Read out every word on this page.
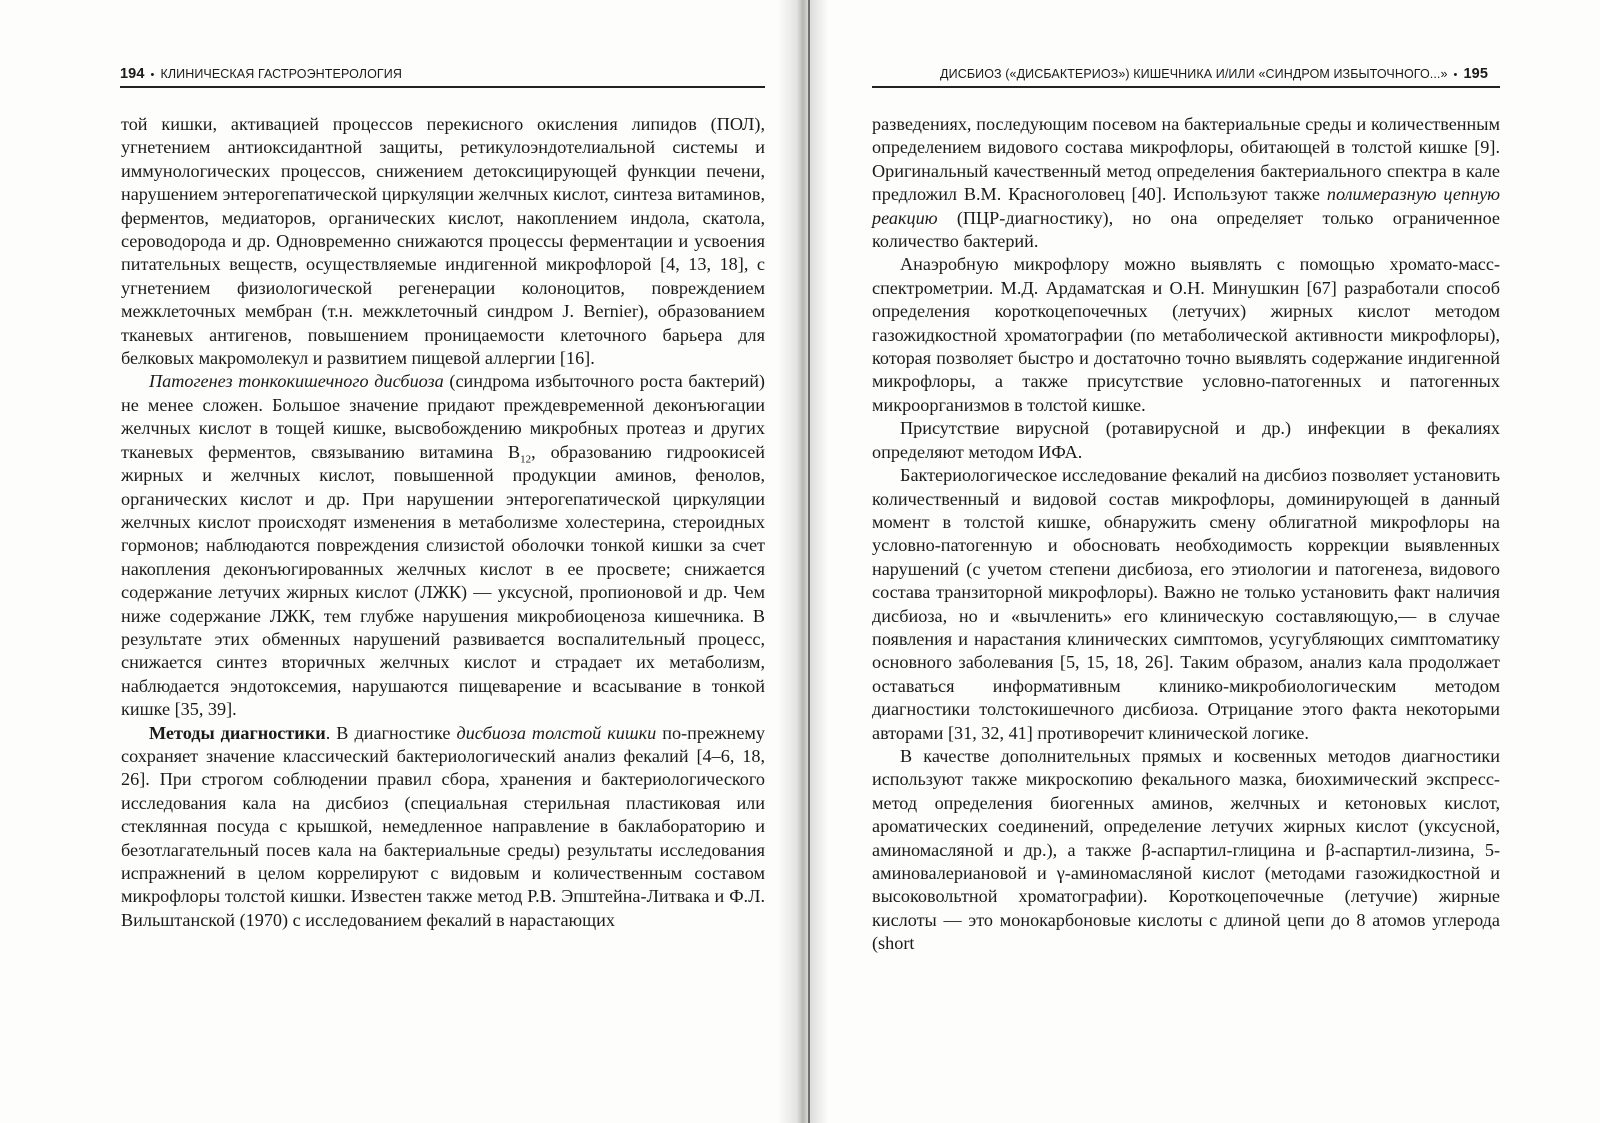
194 • КЛИНИЧЕСКАЯ ГАСТРОЭНТЕРОЛОГИЯ

той кишки, активацией процессов перекисного окисления липидов (ПОЛ), угнетением антиоксидантной защиты, ретикулоэндотелиальной системы и иммунологических процессов, снижением детоксицирующей функции печени, нарушением энтерогепатической циркуляции желчных кислот, синтеза витаминов, ферментов, медиаторов, органических кислот, накоплением индола, скатола, сероводорода и др. Одновременно снижаются процессы ферментации и усвоения питательных веществ, осуществляемые индигенной микрофлорой [4, 13, 18], с угнетением физиологической регенерации колоноцитов, повреждением межклеточных мембран (т.н. межклеточный синдром J. Bernier), образованием тканевых антигенов, повышением проницаемости клеточного барьера для белковых макромолекул и развитием пищевой аллергии [16].

Патогенез тонкокишечного дисбиоза (синдрома избыточного роста бактерий) не менее сложен. Большое значение придают преждевременной деконъюгации желчных кислот в тощей кишке, высвобождению микробных протеаз и других тканевых ферментов, связыванию витамина $B_{12}$, образованию гидроокисей жирных и желчных кислот, повышенной продукции аминов, фенолов, органических кислот и др. При нарушении энтерогепатической циркуляции желчных кислот происходят изменения в метаболизме холестерина, стероидных гормонов; наблюдаются повреждения слизистой оболочки тонкой кишки за счет накопления деконъюгированных желчных кислот в ее просвете; снижается содержание летучих жирных кислот (ЛЖК) — уксусной, пропионовой и др. Чем ниже содержание ЛЖК, тем глубже нарушения микробиоценоза кишечника. В результате этих обменных нарушений развивается воспалительный процесс, снижается синтез вторичных желчных кислот и страдает их метаболизм, наблюдается эндотоксемия, нарушаются пищеварение и всасывание в тонкой кишке [35, 39].

Методы диагностики. В диагностике дисбиоза толстой кишки по-прежнему сохраняет значение классический бактериологический анализ фекалий [4–6, 18, 26]. При строгом соблюдении правил сбора, хранения и бактериологического исследования кала на дисбиоз (специальная стерильная пластиковая или стеклянная посуда с крышкой, немедленное направление в баклабораторию и безотлагательный посев кала на бактериальные среды) результаты исследования испражнений в целом коррелируют с видовым и количественным составом микрофлоры толстой кишки. Известен также метод Р.В. Эпштейна-Литвака и Ф.Л. Вильштанской (1970) с исследованием фекалий в нарастающих

ДИСБИОЗ («ДИСБАКТЕРИОЗ») КИШЕЧНИКА И/ИЛИ «СИНДРОМ ИЗБЫТОЧНОГО...» • 195

разведениях, последующим посевом на бактериальные среды и количественным определением видового состава микрофлоры, обитающей в толстой кишке [9]. Оригинальный качественный метод определения бактериального спектра в кале предложил В.М. Красноголовец [40]. Используют также полимеразную цепную реакцию (ПЦР-диагностику), но она определяет только ограниченное количество бактерий.

Анаэробную микрофлору можно выявлять с помощью хромато-масс-спектрометрии. М.Д. Ардаматская и О.Н. Минушкин [67] разработали способ определения короткоцепочечных (летучих) жирных кислот методом газожидкостной хроматографии (по метаболической активности микрофлоры), которая позволяет быстро и достаточно точно выявлять содержание индигенной микрофлоры, а также присутствие условно-патогенных и патогенных микроорганизмов в толстой кишке.

Присутствие вирусной (ротавирусной и др.) инфекции в фекалиях определяют методом ИФА.

Бактериологическое исследование фекалий на дисбиоз позволяет установить количественный и видовой состав микрофлоры, доминирующей в данный момент в толстой кишке, обнаружить смену облигатной микрофлоры на условно-патогенную и обосновать необходимость коррекции выявленных нарушений (с учетом степени дисбиоза, его этиологии и патогенеза, видового состава транзиторной микрофлоры). Важно не только установить факт наличия дисбиоза, но и «вычленить» его клиническую составляющую,— в случае появления и нарастания клинических симптомов, усугубляющих симптоматику основного заболевания [5, 15, 18, 26]. Таким образом, анализ кала продолжает оставаться информативным клинико-микробиологическим методом диагностики толстокишечного дисбиоза. Отрицание этого факта некоторыми авторами [31, 32, 41] противоречит клинической логике.

В качестве дополнительных прямых и косвенных методов диагностики используют также микроскопию фекального мазка, биохимический экспресс-метод определения биогенных аминов, желчных и кетоновых кислот, ароматических соединений, определение летучих жирных кислот (уксусной, аминомасляной и др.), а также β-аспартил-глицина и β-аспартил-лизина, 5-аминовалериановой и γ-аминомасляной кислот (методами газожидкостной и высоковольтной хроматографии). Короткоцепочечные (летучие) жирные кислоты — это монокарбоновые кислоты с длиной цепи до 8 атомов углерода (short
